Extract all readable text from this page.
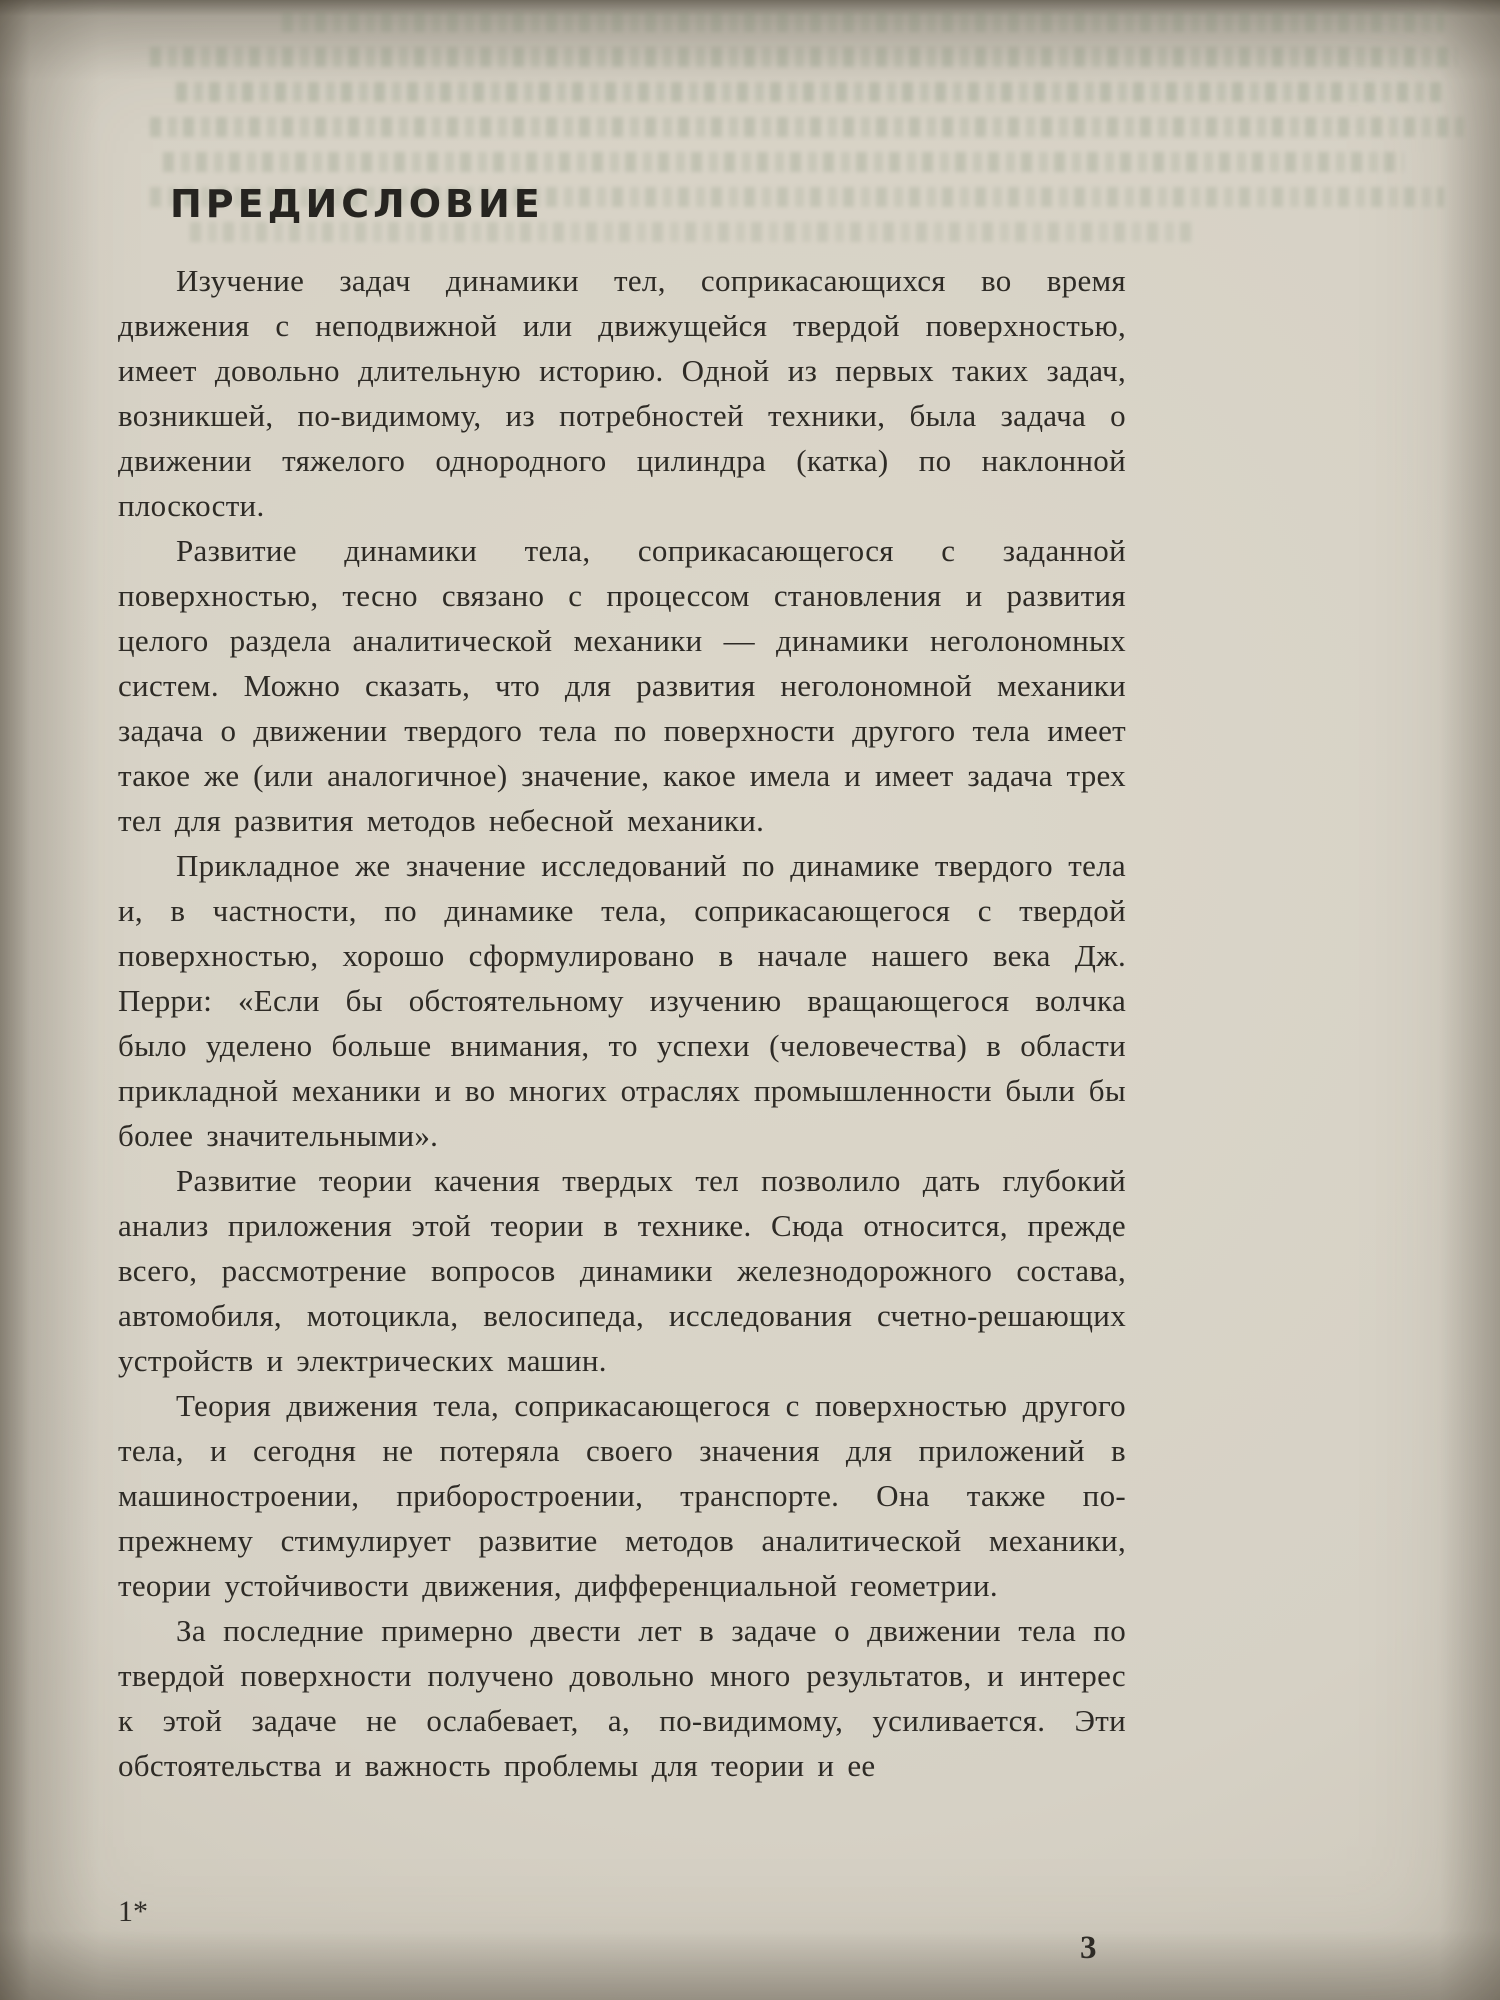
ПРЕДИСЛОВИЕ

Изучение задач динамики тел, соприкасающихся во время движения с неподвижной или движущейся твердой поверхностью, имеет довольно длительную историю. Одной из первых таких задач, возникшей, по-видимому, из потребностей техники, была задача о движении тяжелого однородного цилиндра (катка) по наклонной плоскости.

Развитие динамики тела, соприкасающегося с заданной поверхностью, тесно связано с процессом становления и развития целого раздела аналитической механики — динамики неголономных систем. Можно сказать, что для развития неголономной механики задача о движении твердого тела по поверхности другого тела имеет такое же (или аналогичное) значение, какое имела и имеет задача трех тел для развития методов небесной механики.

Прикладное же значение исследований по динамике твердого тела и, в частности, по динамике тела, соприкасающегося с твердой поверхностью, хорошо сформулировано в начале нашего века Дж. Перри: «Если бы обстоятельному изучению вращающегося волчка было уделено больше внимания, то успехи (человечества) в области прикладной механики и во многих отраслях промышленности были бы более значительными».

Развитие теории качения твердых тел позволило дать глубокий анализ приложения этой теории в технике. Сюда относится, прежде всего, рассмотрение вопросов динамики железнодорожного состава, автомобиля, мотоцикла, велосипеда, исследования счетно-решающих устройств и электрических машин.

Теория движения тела, соприкасающегося с поверхностью другого тела, и сегодня не потеряла своего значения для приложений в машиностроении, приборостроении, транспорте. Она также по-прежнему стимулирует развитие методов аналитической механики, теории устойчивости движения, дифференциальной геометрии.

За последние примерно двести лет в задаче о движении тела по твердой поверхности получено довольно много результатов, и интерес к этой задаче не ослабевает, а, по-видимому, усиливается. Эти обстоятельства и важность проблемы для теории и ее

1*
3
